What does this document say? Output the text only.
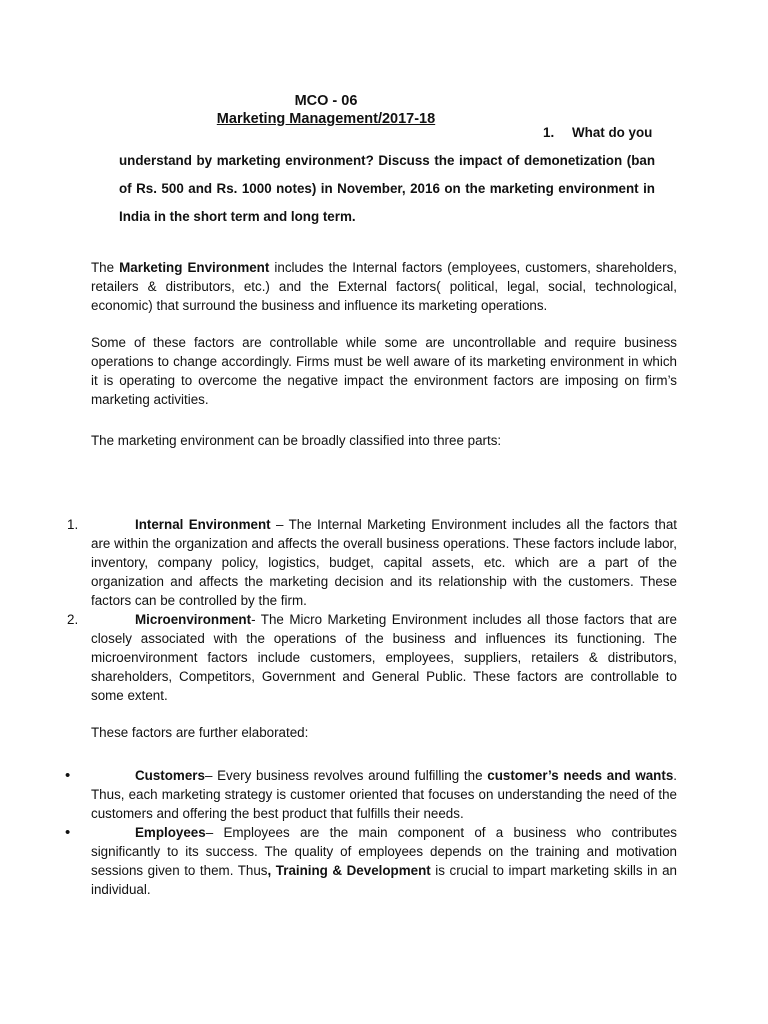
MCO - 06
Marketing Management/2017-18
1. What do you
understand by marketing environment? Discuss the impact of demonetization (ban of Rs. 500 and Rs. 1000 notes) in November, 2016 on the marketing environment in India in the short term and long term.
The Marketing Environment includes the Internal factors (employees, customers, shareholders, retailers & distributors, etc.) and the External factors( political, legal, social, technological, economic) that surround the business and influence its marketing operations.
Some of these factors are controllable while some are uncontrollable and require business operations to change accordingly. Firms must be well aware of its marketing environment in which it is operating to overcome the negative impact the environment factors are imposing on firm’s marketing activities.
The marketing environment can be broadly classified into three parts:
1.	Internal Environment – The Internal Marketing Environment includes all the factors that are within the organization and affects the overall business operations. These factors include labor, inventory, company policy, logistics, budget, capital assets, etc. which are a part of the organization and affects the marketing decision and its relationship with the customers. These factors can be controlled by the firm.
2.	Microenvironment- The Micro Marketing Environment includes all those factors that are closely associated with the operations of the business and influences its functioning. The microenvironment factors include customers, employees, suppliers, retailers & distributors, shareholders, Competitors, Government and General Public. These factors are controllable to some extent.
These factors are further elaborated:
•	Customers– Every business revolves around fulfilling the customer’s needs and wants. Thus, each marketing strategy is customer oriented that focuses on understanding the need of the customers and offering the best product that fulfills their needs.
•	Employees– Employees are the main component of a business who contributes significantly to its success. The quality of employees depends on the training and motivation sessions given to them. Thus, Training & Development is crucial to impart marketing skills in an individual.
